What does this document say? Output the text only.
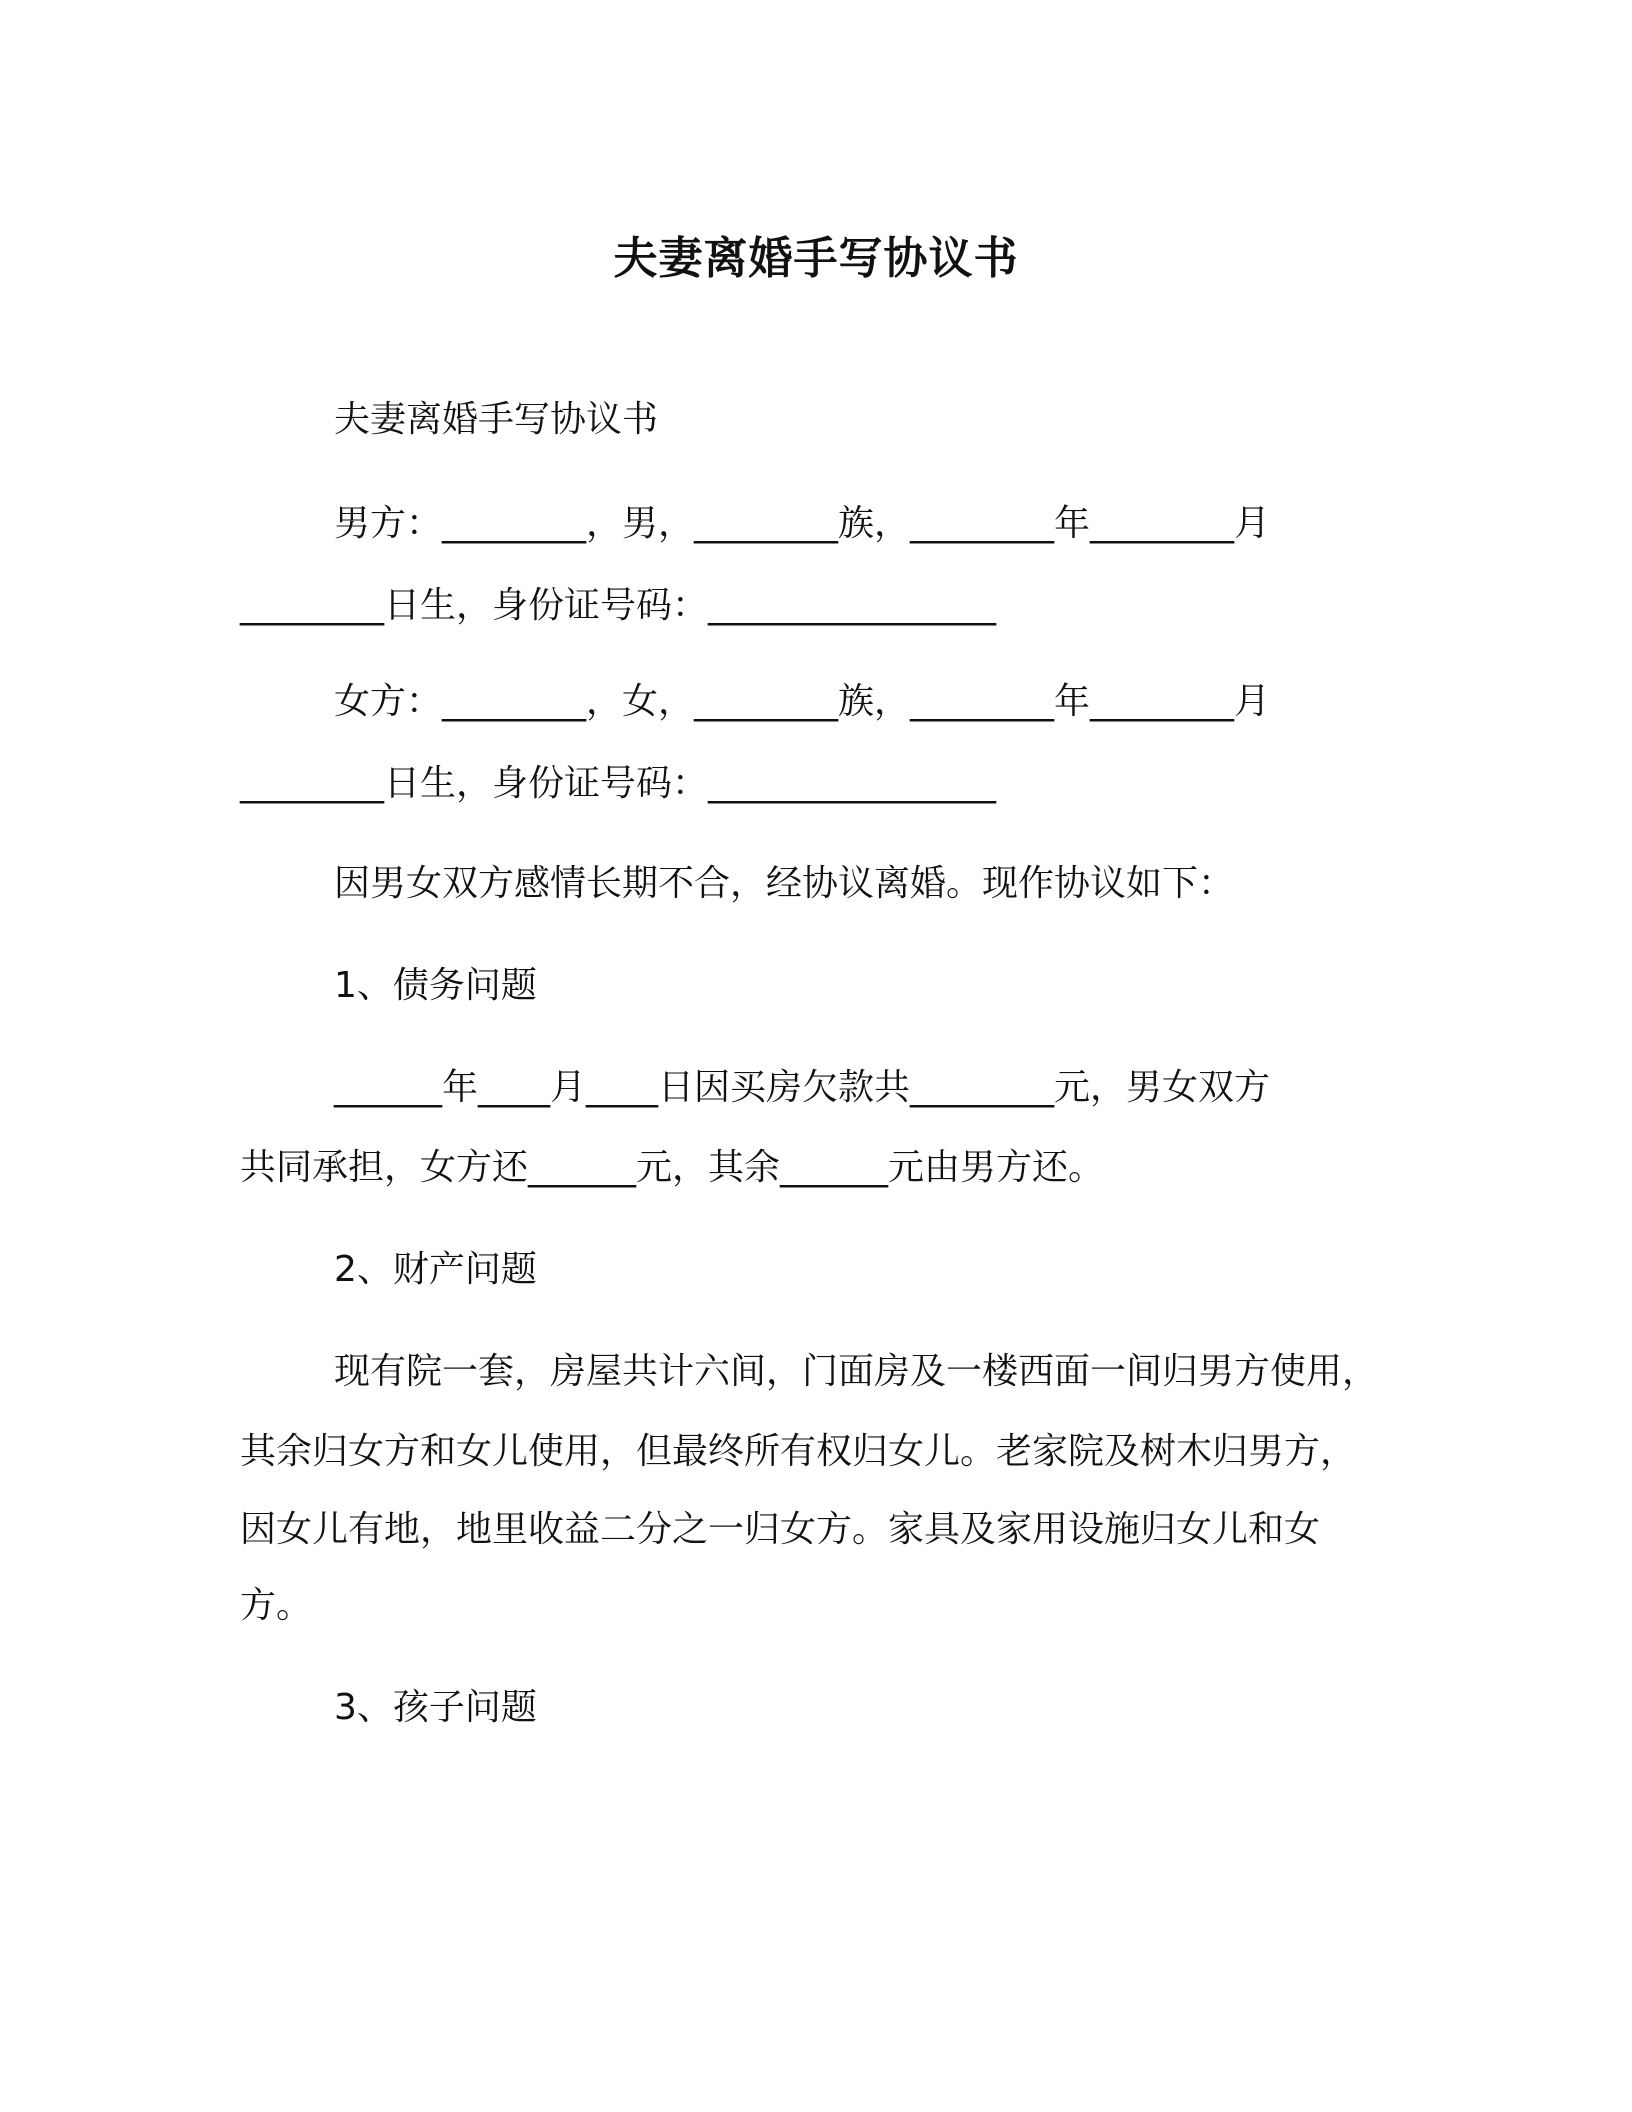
夫妻离婚手写协议书
夫妻离婚手写协议书
男方：________，男，________族，________年________月
________日生，身份证号码：________________
女方：________，女，________族，________年________月
________日生，身份证号码：________________
因男女双方感情长期不合，经协议离婚。现作协议如下：
1、债务问题
______年____月____日因买房欠款共________元，男女双方
共同承担，女方还______元，其余______元由男方还。
2、财产问题
现有院一套，房屋共计六间，门面房及一楼西面一间归男方使用，
其余归女方和女儿使用，但最终所有权归女儿。老家院及树木归男方，
因女儿有地，地里收益二分之一归女方。家具及家用设施归女儿和女
方。
3、孩子问题
